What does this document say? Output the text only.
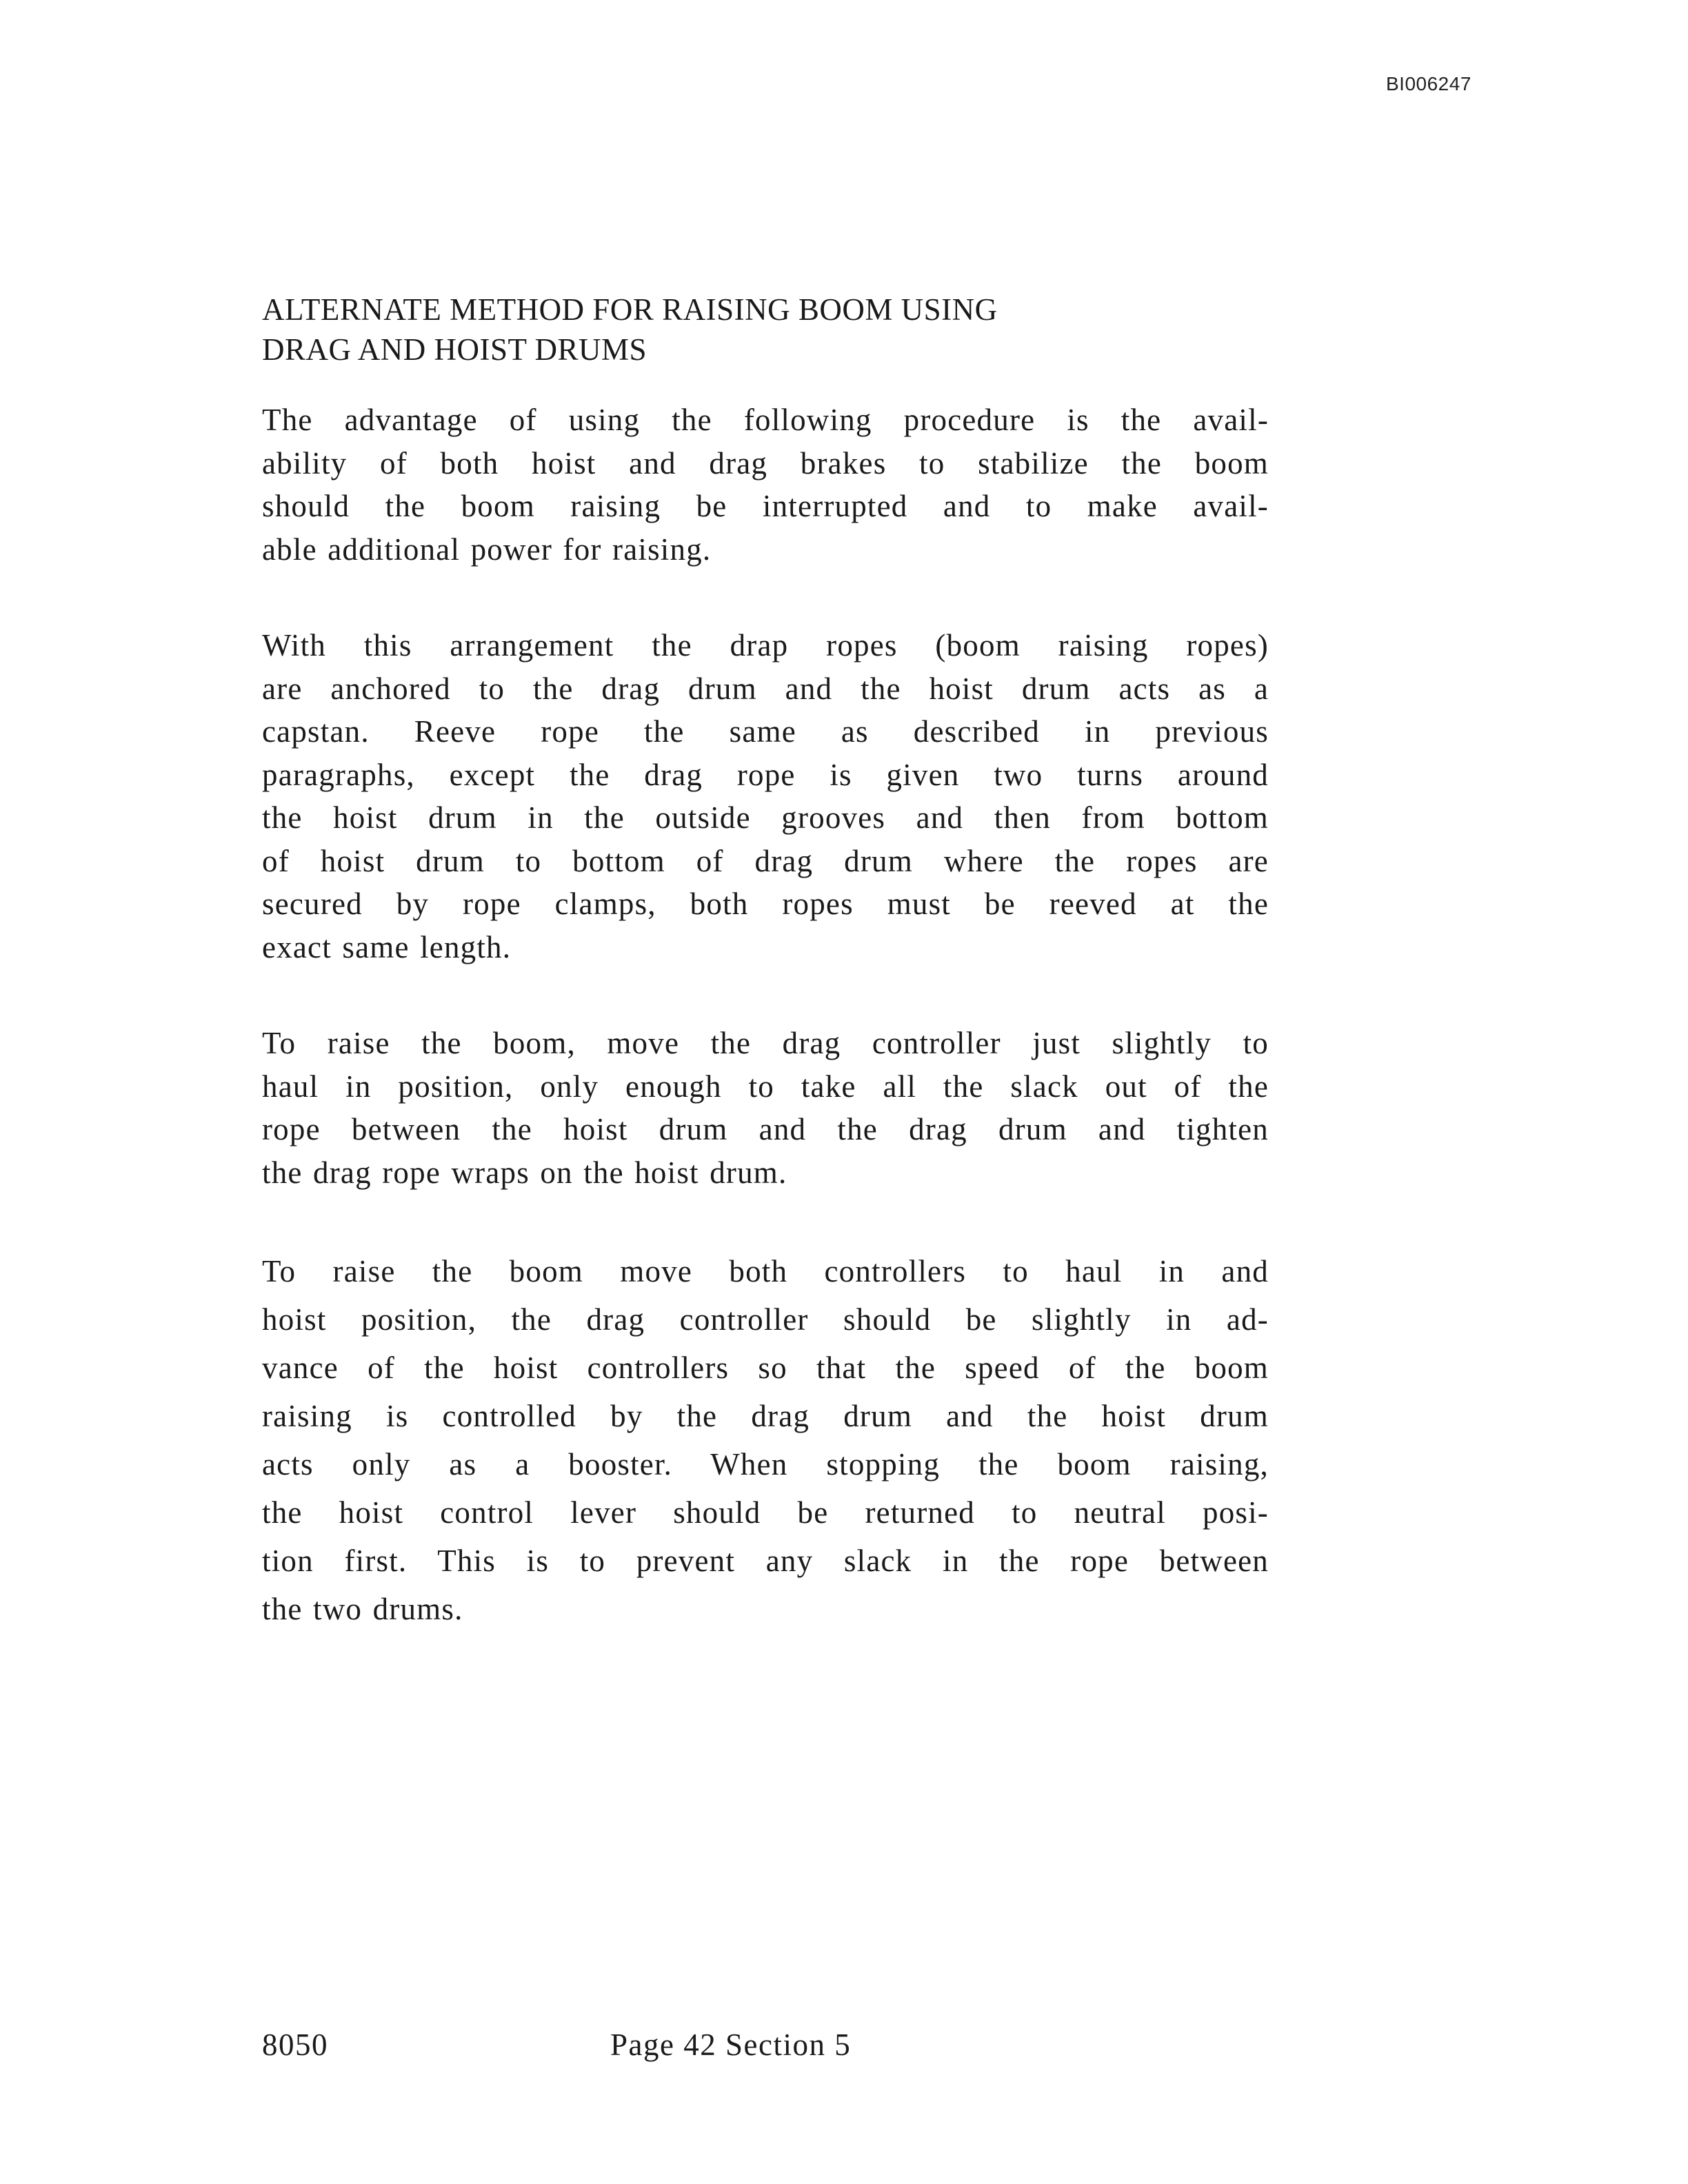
BI006247
ALTERNATE METHOD FOR RAISING BOOM USING
DRAG AND HOIST DRUMS

The advantage of using the following procedure is the avail-
ability of both hoist and drag brakes to stabilize the boom
should the boom raising be interrupted and to make avail-
able additional power for raising.

With this arrangement the drap ropes (boom raising ropes)
are anchored to the drag drum and the hoist drum acts as a
capstan. Reeve rope the same as described in previous
paragraphs, except the drag rope is given two turns around
the hoist drum in the outside grooves and then from bottom
of hoist drum to bottom of drag drum where the ropes are
secured by rope clamps, both ropes must be reeved at the
exact same length.

To raise the boom, move the drag controller just slightly to
haul in position, only enough to take all the slack out of the
rope between the hoist drum and the drag drum and tighten
the drag rope wraps on the hoist drum.

To raise the boom move both controllers to haul in and
hoist position, the drag controller should be slightly in ad-
vance of the hoist controllers so that the speed of the boom
raising is controlled by the drag drum and the hoist drum
acts only as a booster. When stopping the boom raising,
the hoist control lever should be returned to neutral posi-
tion first. This is to prevent any slack in the rope between
the two drums.

8050	Page 42 Section 5
